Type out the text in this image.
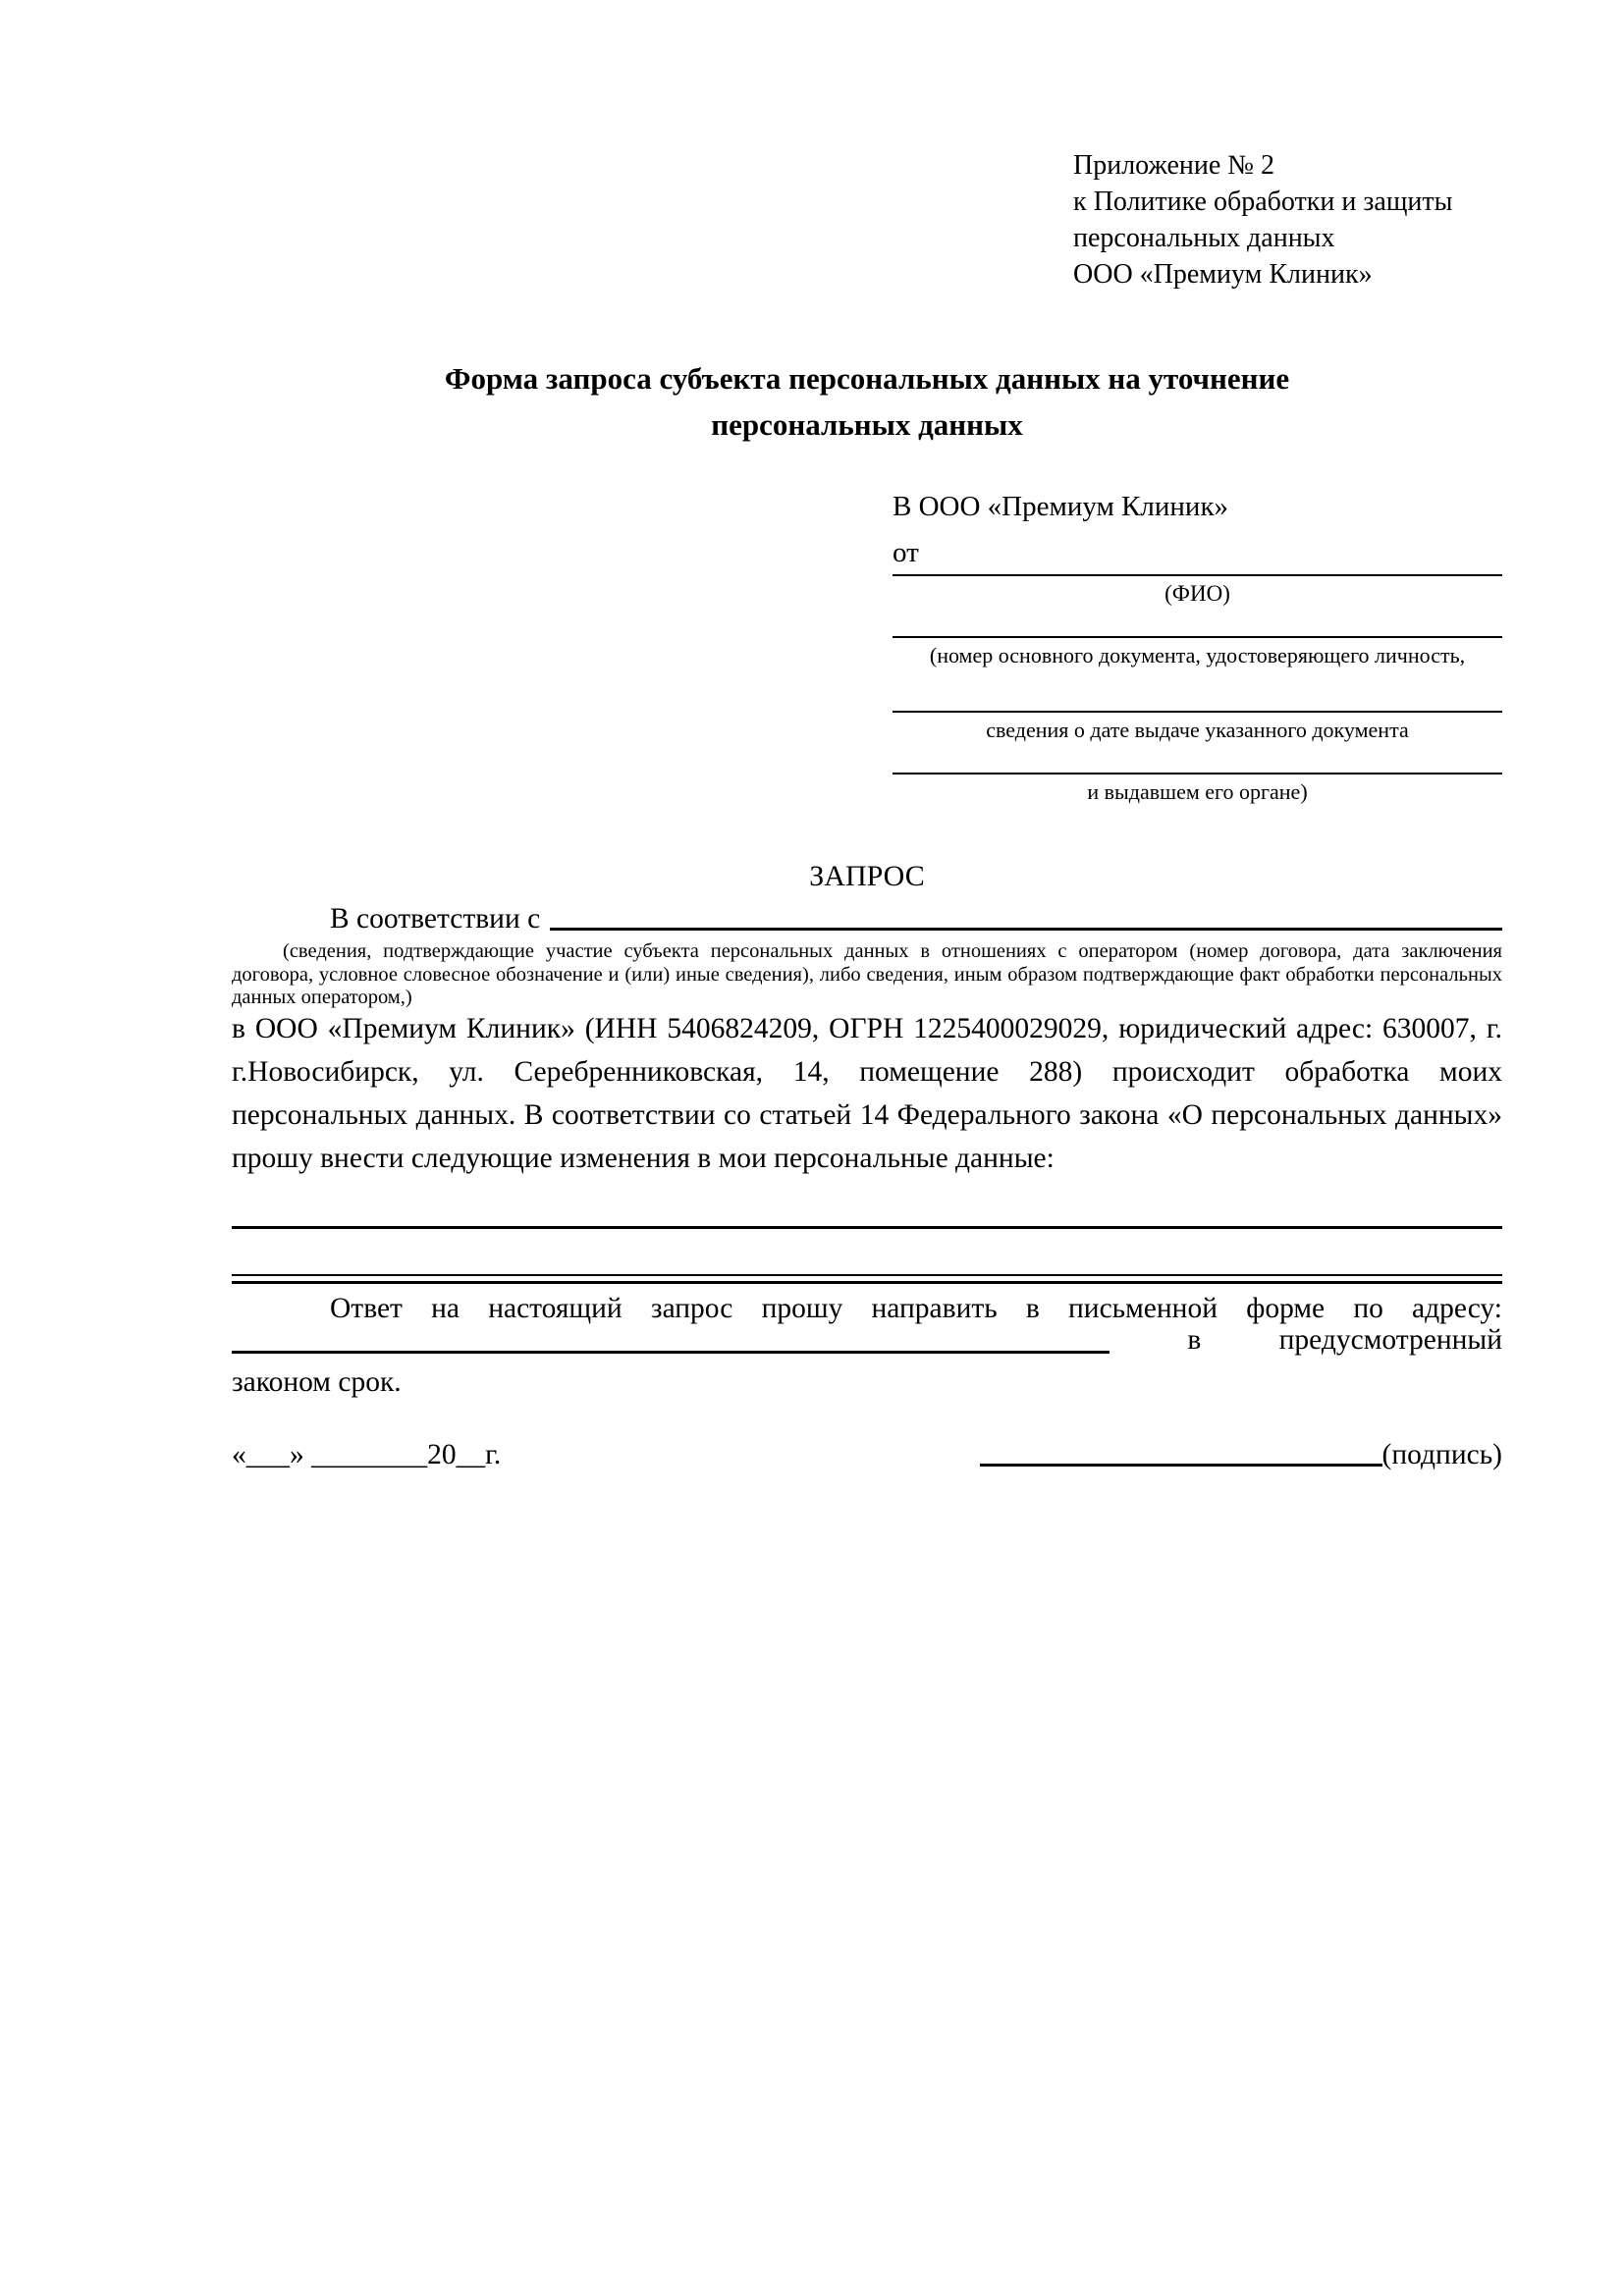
Приложение № 2
к Политике обработки и защиты
персональных данных
ООО «Премиум Клиник»
Форма запроса субъекта персональных данных на уточнение
персональных данных
В ООО «Премиум Клиник»
от
(ФИО)
(номер основного документа, удостоверяющего личность,
сведения о дате выдаче указанного документа
и выдавшем его органе)
ЗАПРОС
В соответствии с
(сведения, подтверждающие участие субъекта персональных данных в отношениях с оператором (номер договора, дата заключения договора, условное словесное обозначение и (или) иные сведения), либо сведения, иным образом подтверждающие факт обработки персональных данных оператором,)
в ООО «Премиум Клиник» (ИНН 5406824209, ОГРН 1225400029029, юридический адрес: 630007, г. г.Новосибирск, ул. Серебренниковская, 14, помещение 288) происходит обработка моих персональных данных. В соответствии со статьей 14 Федерального закона «О персональных данных» прошу внести следующие изменения в мои персональные данные:
Ответ на настоящий запрос прошу направить в письменной форме по адресу:
в	предусмотренный
законом срок.
«___» ________20__г.	(подпись)
